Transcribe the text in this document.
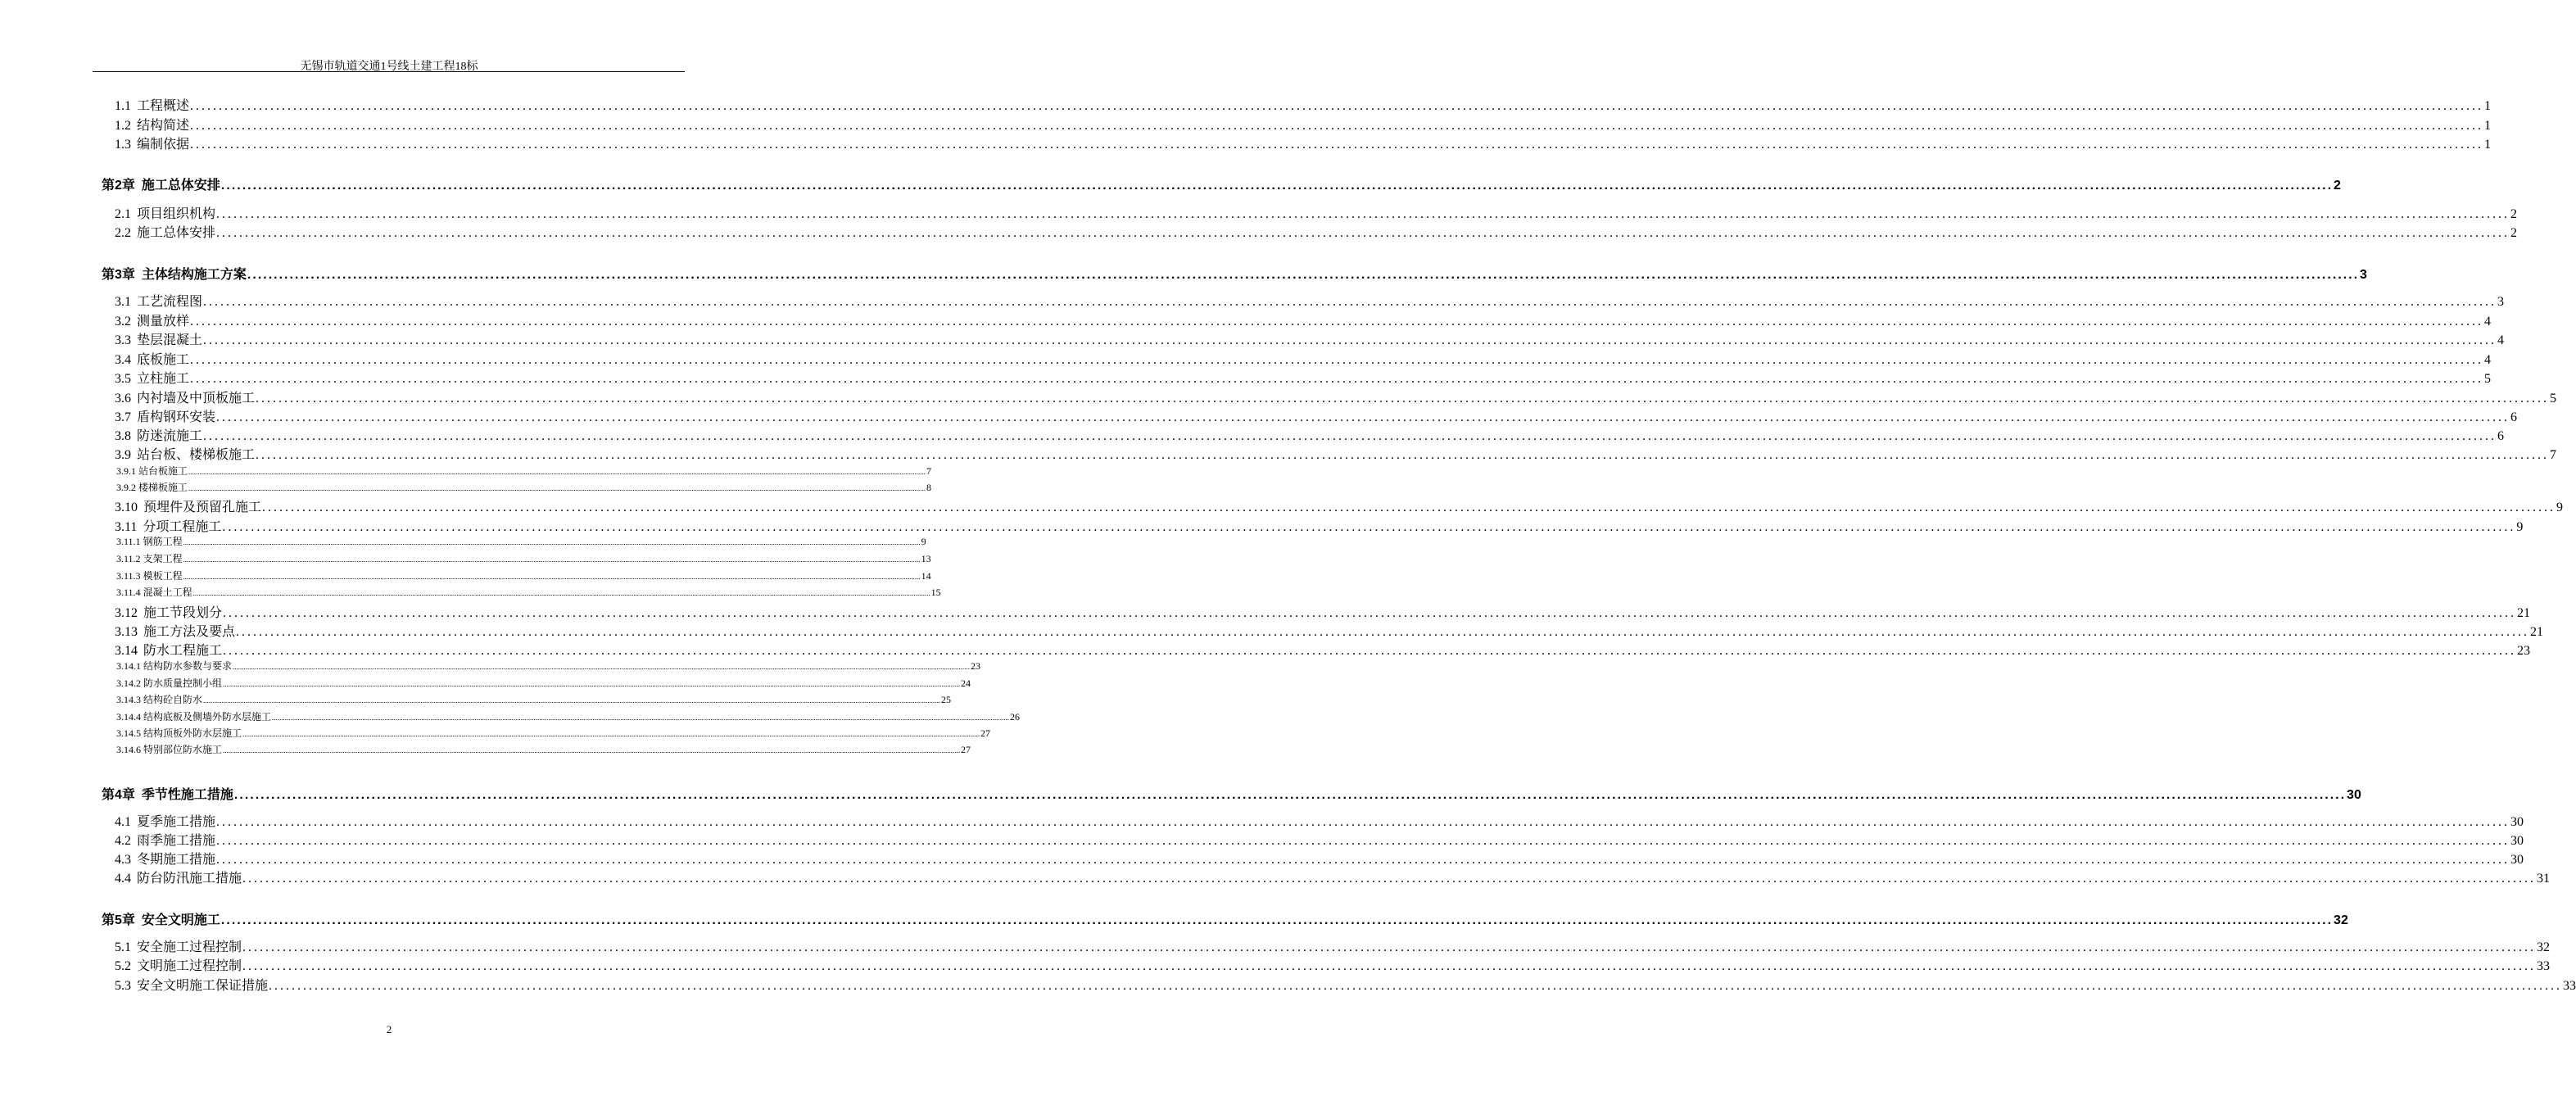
无锡市轨道交通1号线土建工程18标
1.1 工程概述 ................................................................................................................................................................................................................................................................................................................................................................................................................ 1
1.2 结构简述 ................................................................................................................................................................................................................................................................................................................................................................................................................ 1
1.3 编制依据 ................................................................................................................................................................................................................................................................................................................................................................................................................ 1
第2章 施工总体安排 ................................................................................................................................................................................................................................................................................................................................................................................................................ 2
2.1 项目组织机构 ................................................................................................................................................................................................................................................................................................................................................................................................................ 2
2.2 施工总体安排 ................................................................................................................................................................................................................................................................................................................................................................................................................ 2
第3章 主体结构施工方案 ................................................................................................................................................................................................................................................................................................................................................................................................................ 3
3.1 工艺流程图 ................................................................................................................................................................................................................................................................................................................................................................................................................ 3
3.2 测量放样 ................................................................................................................................................................................................................................................................................................................................................................................................................ 4
3.3 垫层混凝土 ................................................................................................................................................................................................................................................................................................................................................................................................................ 4
3.4 底板施工 ................................................................................................................................................................................................................................................................................................................................................................................................................ 4
3.5 立柱施工 ................................................................................................................................................................................................................................................................................................................................................................................................................ 5
3.6 内衬墙及中顶板施工 ................................................................................................................................................................................................................................................................................................................................................................................................................ 5
3.7 盾构钢环安装 ................................................................................................................................................................................................................................................................................................................................................................................................................ 6
3.8 防迷流施工 ................................................................................................................................................................................................................................................................................................................................................................................................................ 6
3.9 站台板、楼梯板施工 ................................................................................................................................................................................................................................................................................................................................................................................................................ 7
3.9.1 站台板施工 ................................................................................................................................................................................................................................................................................................................................................................................................................ 7
3.9.2 楼梯板施工 ................................................................................................................................................................................................................................................................................................................................................................................................................ 8
3.10 预埋件及预留孔施工 ................................................................................................................................................................................................................................................................................................................................................................................................................ 9
3.11 分项工程施工 ................................................................................................................................................................................................................................................................................................................................................................................................................ 9
3.11.1 钢筋工程 ................................................................................................................................................................................................................................................................................................................................................................................................................ 9
3.11.2 支架工程 ................................................................................................................................................................................................................................................................................................................................................................................................................ 13
3.11.3 模板工程 ................................................................................................................................................................................................................................................................................................................................................................................................................ 14
3.11.4 混凝土工程 ................................................................................................................................................................................................................................................................................................................................................................................................................ 15
3.12 施工节段划分 ................................................................................................................................................................................................................................................................................................................................................................................................................ 21
3.13 施工方法及要点 ................................................................................................................................................................................................................................................................................................................................................................................................................ 21
3.14 防水工程施工 ................................................................................................................................................................................................................................................................................................................................................................................................................ 23
3.14.1 结构防水参数与要求 ................................................................................................................................................................................................................................................................................................................................................................................................................ 23
3.14.2 防水质量控制小组 ................................................................................................................................................................................................................................................................................................................................................................................................................ 24
3.14.3 结构砼自防水 ................................................................................................................................................................................................................................................................................................................................................................................................................ 25
3.14.4 结构底板及侧墙外防水层施工 ................................................................................................................................................................................................................................................................................................................................................................................................................ 26
3.14.5 结构顶板外防水层施工 ................................................................................................................................................................................................................................................................................................................................................................................................................ 27
3.14.6 特别部位防水施工 ................................................................................................................................................................................................................................................................................................................................................................................................................ 27
第4章 季节性施工措施 ................................................................................................................................................................................................................................................................................................................................................................................................................ 30
4.1 夏季施工措施 ................................................................................................................................................................................................................................................................................................................................................................................................................ 30
4.2 雨季施工措施 ................................................................................................................................................................................................................................................................................................................................................................................................................ 30
4.3 冬期施工措施 ................................................................................................................................................................................................................................................................................................................................................................................................................ 30
4.4 防台防汛施工措施 ................................................................................................................................................................................................................................................................................................................................................................................................................ 31
第5章 安全文明施工 ................................................................................................................................................................................................................................................................................................................................................................................................................ 32
5.1 安全施工过程控制 ................................................................................................................................................................................................................................................................................................................................................................................................................ 32
5.2 文明施工过程控制 ................................................................................................................................................................................................................................................................................................................................................................................................................ 33
5.3 安全文明施工保证措施 ................................................................................................................................................................................................................................................................................................................................................................................................................ 33
2
